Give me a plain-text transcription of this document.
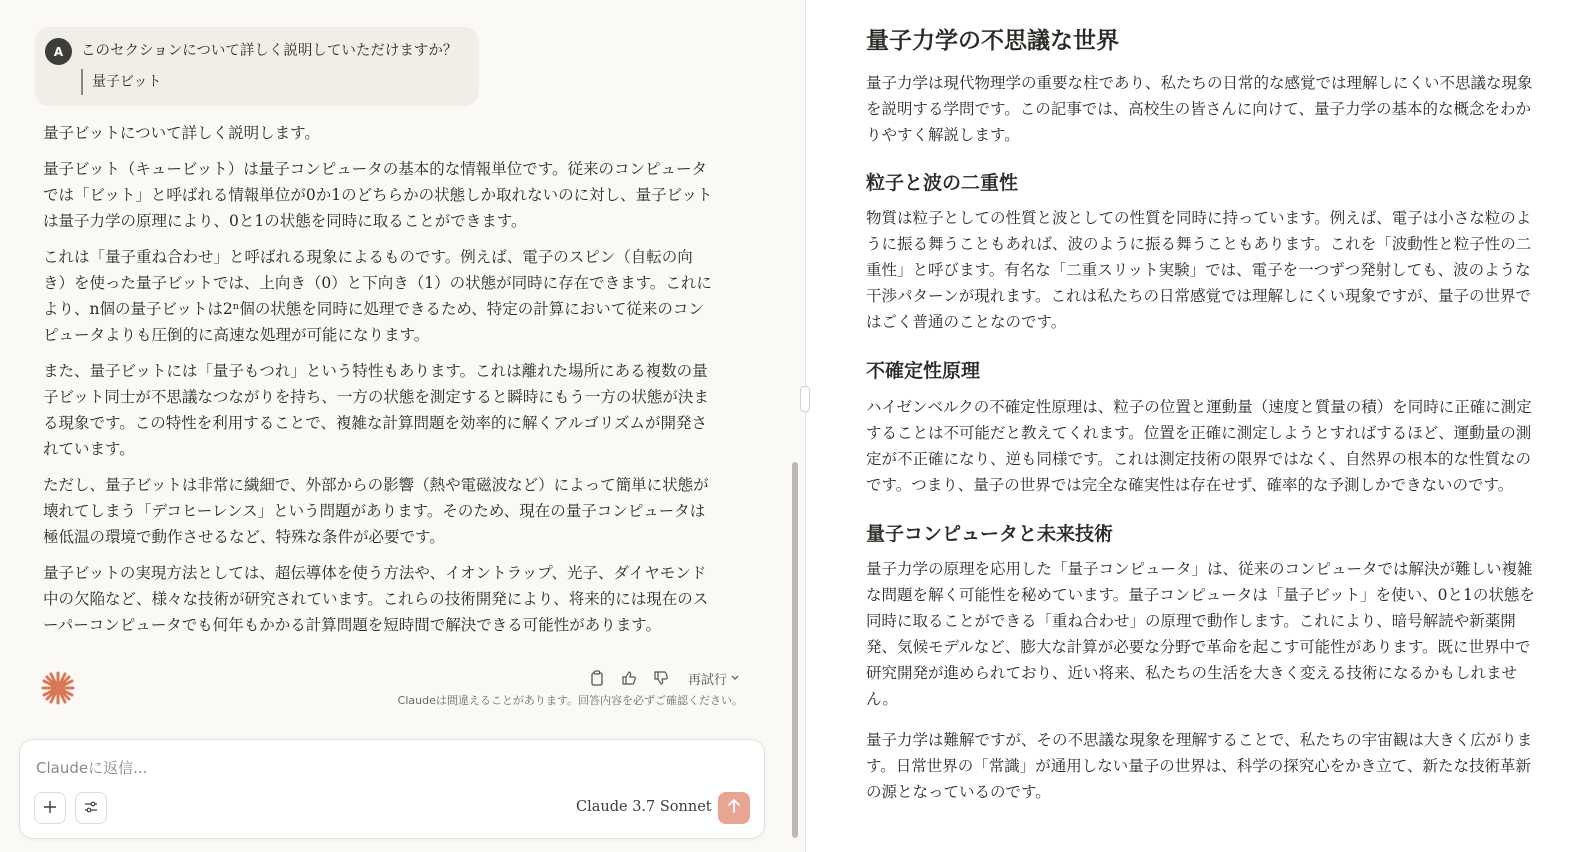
A	このセクションについて詳しく説明していただけますか？
量子ビット

量子ビットについて詳しく説明します。

量子ビット（キュービット）は量子コンピュータの基本的な情報単位です。従来のコンピュータでは「ビット」と呼ばれる情報単位が0か1のどちらかの状態しか取れないのに対し、量子ビットは量子力学の原理により、0と1の状態を同時に取ることができます。

これは「量子重ね合わせ」と呼ばれる現象によるものです。例えば、電子のスピン（自転の向き）を使った量子ビットでは、上向き（0）と下向き（1）の状態が同時に存在できます。これにより、n個の量子ビットは2ⁿ個の状態を同時に処理できるため、特定の計算において従来のコンピュータよりも圧倒的に高速な処理が可能になります。

また、量子ビットには「量子もつれ」という特性もあります。これは離れた場所にある複数の量子ビット同士が不思議なつながりを持ち、一方の状態を測定すると瞬時にもう一方の状態が決まる現象です。この特性を利用することで、複雑な計算問題を効率的に解くアルゴリズムが開発されています。

ただし、量子ビットは非常に繊細で、外部からの影響（熱や電磁波など）によって簡単に状態が壊れてしまう「デコヒーレンス」という問題があります。そのため、現在の量子コンピュータは極低温の環境で動作させるなど、特殊な条件が必要です。

量子ビットの実現方法としては、超伝導体を使う方法や、イオントラップ、光子、ダイヤモンド中の欠陥など、様々な技術が研究されています。これらの技術開発により、将来的には現在のスーパーコンピュータでも何年もかかる計算問題を短時間で解決できる可能性があります。

再試行
Claudeは間違えることがあります。回答内容を必ずご確認ください。
Claudeに返信...
Claude 3.7 Sonnet
量子力学の不思議な世界

量子力学は現代物理学の重要な柱であり、私たちの日常的な感覚では理解しにくい不思議な現象を説明する学問です。この記事では、高校生の皆さんに向けて、量子力学の基本的な概念をわかりやすく解説します。

粒子と波の二重性

物質は粒子としての性質と波としての性質を同時に持っています。例えば、電子は小さな粒のように振る舞うこともあれば、波のように振る舞うこともあります。これを「波動性と粒子性の二重性」と呼びます。有名な「二重スリット実験」では、電子を一つずつ発射しても、波のような干渉パターンが現れます。これは私たちの日常感覚では理解しにくい現象ですが、量子の世界ではごく普通のことなのです。

不確定性原理

ハイゼンベルクの不確定性原理は、粒子の位置と運動量（速度と質量の積）を同時に正確に測定することは不可能だと教えてくれます。位置を正確に測定しようとすればするほど、運動量の測定が不正確になり、逆も同様です。これは測定技術の限界ではなく、自然界の根本的な性質なのです。つまり、量子の世界では完全な確実性は存在せず、確率的な予測しかできないのです。

量子コンピュータと未来技術

量子力学の原理を応用した「量子コンピュータ」は、従来のコンピュータでは解決が難しい複雑な問題を解く可能性を秘めています。量子コンピュータは「量子ビット」を使い、0と1の状態を同時に取ることができる「重ね合わせ」の原理で動作します。これにより、暗号解読や新薬開発、気候モデルなど、膨大な計算が必要な分野で革命を起こす可能性があります。既に世界中で研究開発が進められており、近い将来、私たちの生活を大きく変える技術になるかもしれません。

量子力学は難解ですが、その不思議な現象を理解することで、私たちの宇宙観は大きく広がります。日常世界の「常識」が通用しない量子の世界は、科学の探究心をかき立て、新たな技術革新の源となっているのです。
